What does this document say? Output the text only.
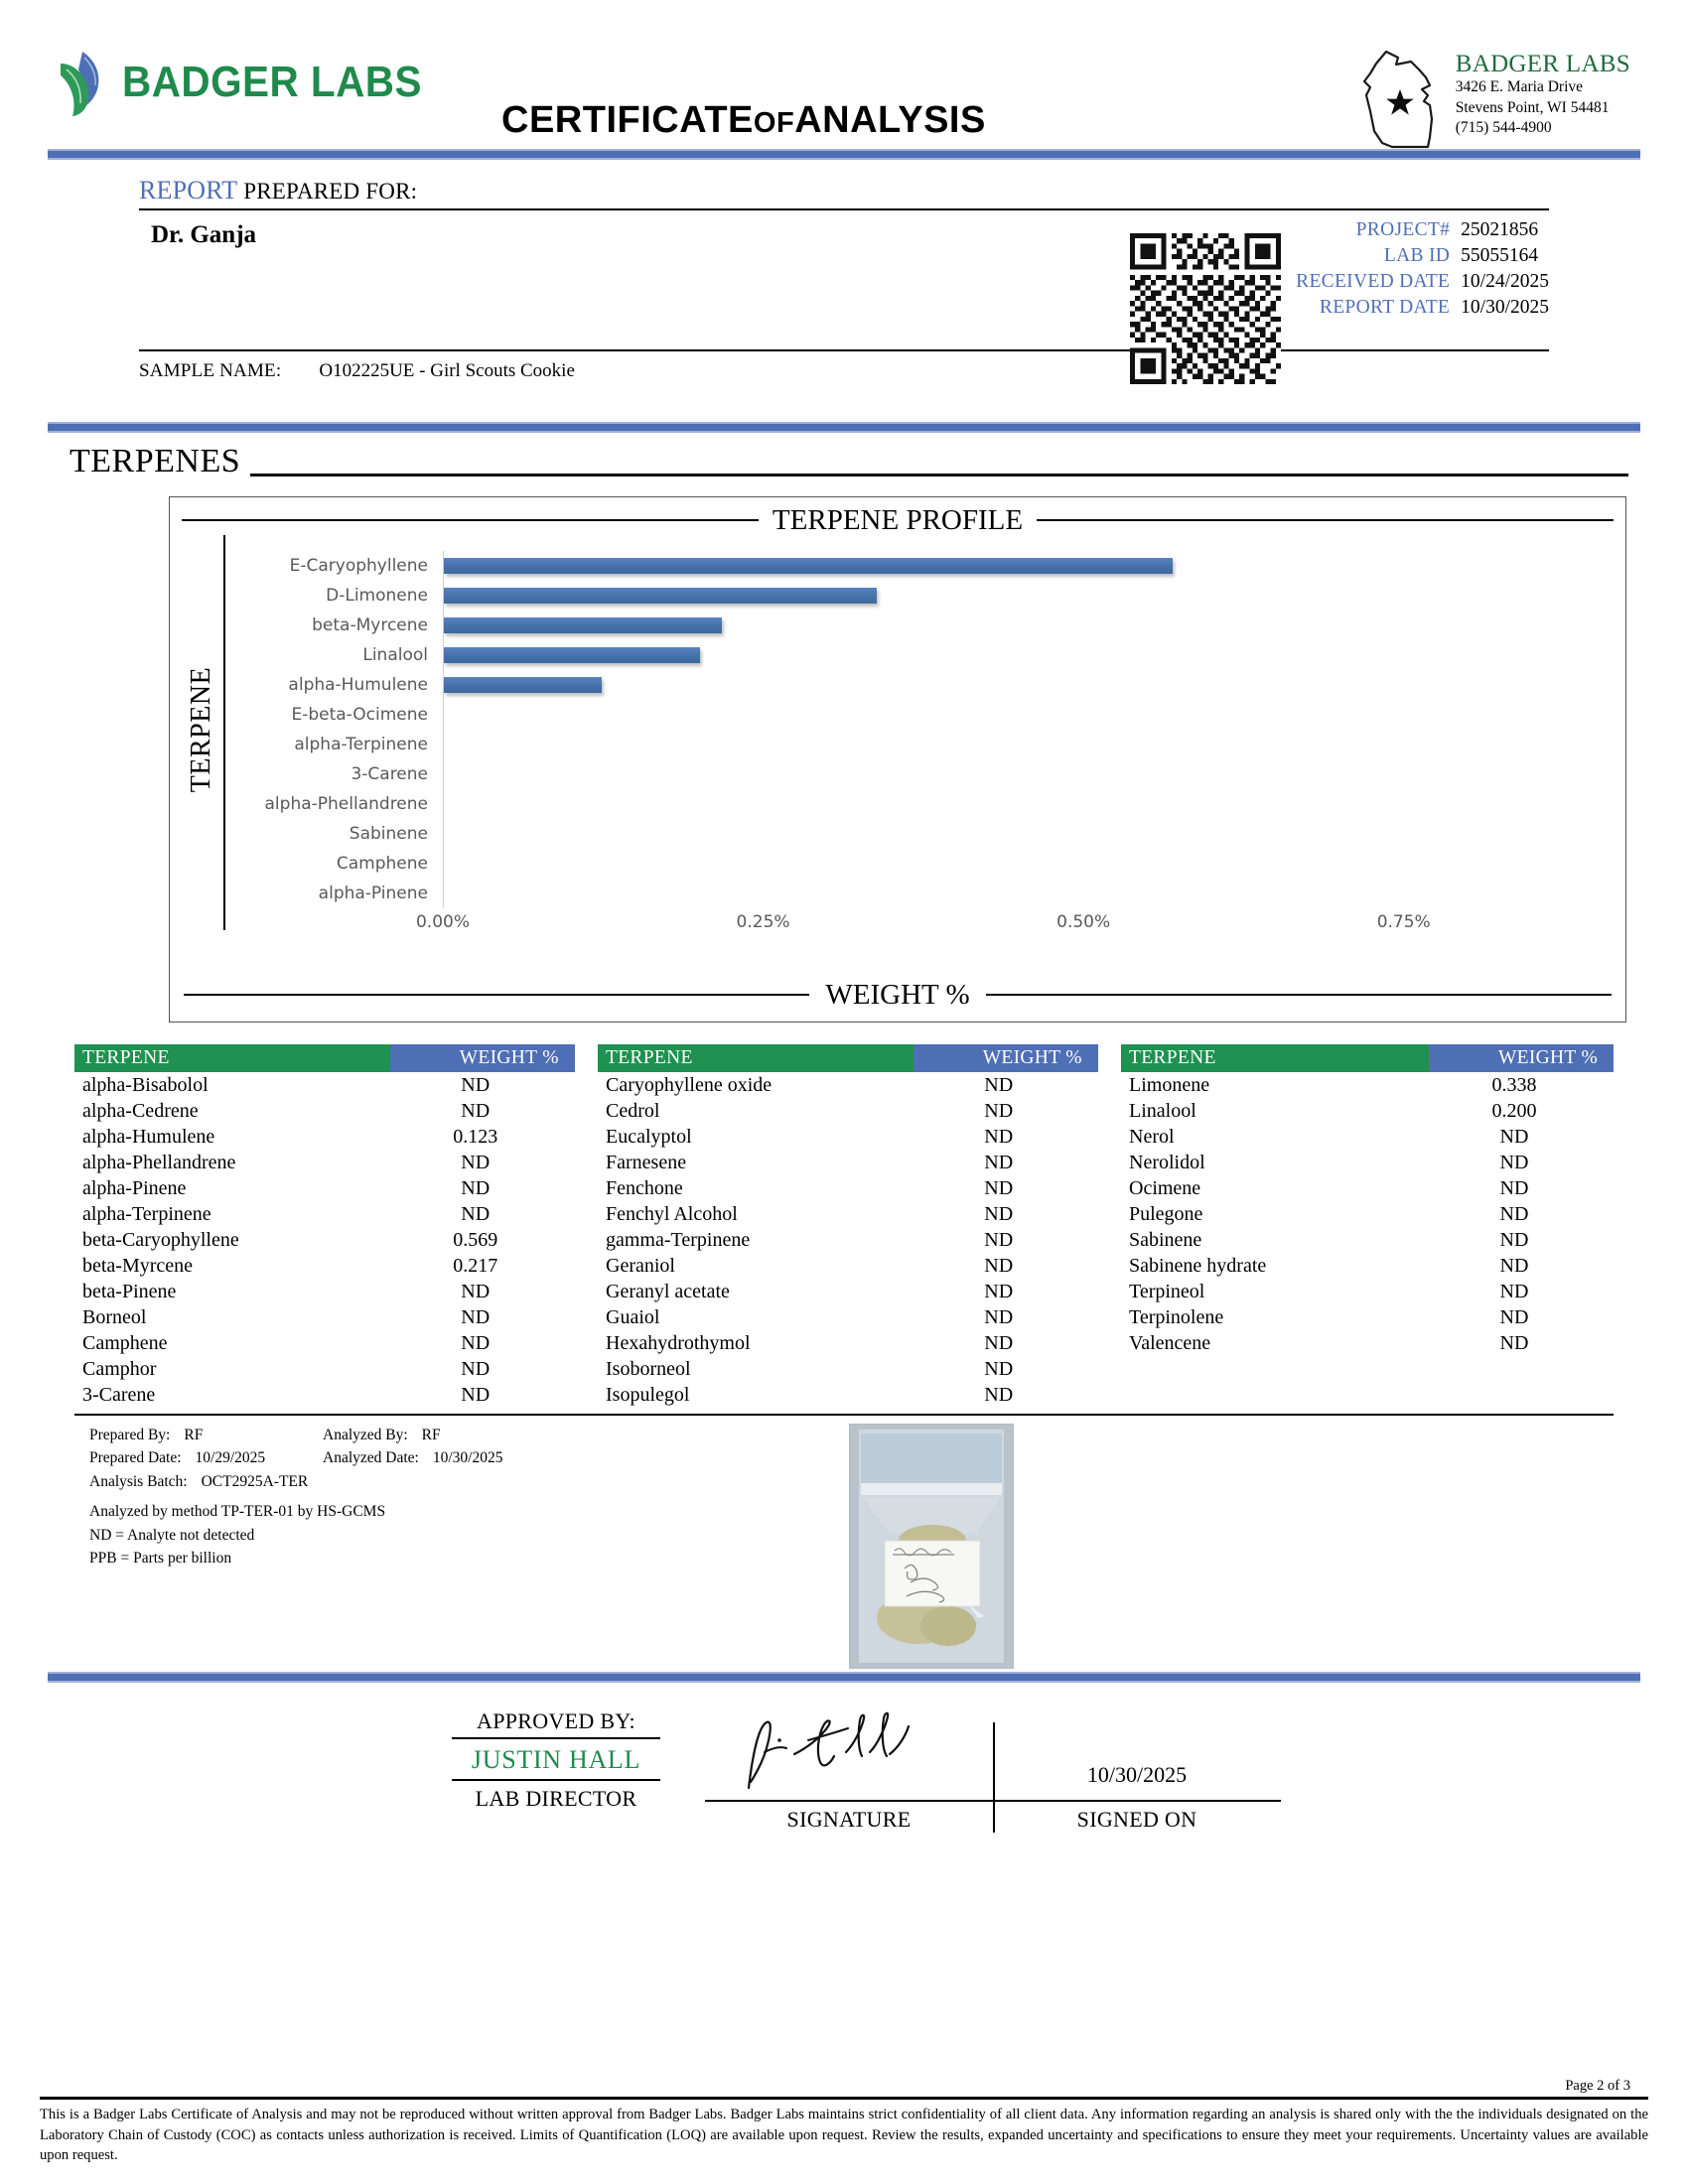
BADGER LABS
CERTIFICATEOFANALYSIS
BADGER LABS
3426 E. Maria Drive
Stevens Point, WI 54481
(715) 544-4900
REPORT PREPARED FOR:
Dr. Ganja	PROJECT#	25021856
LAB ID	55055164
RECEIVED DATE	10/24/2025
REPORT DATE	10/30/2025
SAMPLE NAME: O102225UE - Girl Scouts Cookie
TERPENES
TERPENE PROFILE
TERPENE
E-Caryophyllene
D-Limonene
beta-Myrcene
Linalool
alpha-Humulene
E-beta-Ocimene
alpha-Terpinene
3-Carene
alpha-Phellandrene
Sabinene
Camphene
alpha-Pinene
0.00%	0.25%	0.50%	0.75%
WEIGHT %
TERPENE	WEIGHT %		TERPENE	WEIGHT %		TERPENE	WEIGHT %
alpha-Bisabolol	ND		Caryophyllene oxide	ND		Limonene	0.338
alpha-Cedrene	ND		Cedrol	ND		Linalool	0.200
alpha-Humulene	0.123		Eucalyptol	ND		Nerol	ND
alpha-Phellandrene	ND		Farnesene	ND		Nerolidol	ND
alpha-Pinene	ND		Fenchone	ND		Ocimene	ND
alpha-Terpinene	ND		Fenchyl Alcohol	ND		Pulegone	ND
beta-Caryophyllene	0.569		gamma-Terpinene	ND		Sabinene	ND
beta-Myrcene	0.217		Geraniol	ND		Sabinene hydrate	ND
beta-Pinene	ND		Geranyl acetate	ND		Terpineol	ND
Borneol	ND		Guaiol	ND		Terpinolene	ND
Camphene	ND		Hexahydrothymol	ND		Valencene	ND
Camphor	ND		Isoborneol	ND			
3-Carene	ND		Isopulegol	ND			
Prepared By: RF	Analyzed By: RF
Prepared Date: 10/29/2025	Analyzed Date: 10/30/2025
Analysis Batch: OCT2925A-TER
Analyzed by method TP-TER-01 by HS-GCMS
ND = Analyte not detected
PPB = Parts per billion
APPROVED BY:
JUSTIN HALL
LAB DIRECTOR
SIGNATURE
10/30/2025
SIGNED ON
Page 2 of 3
This is a Badger Labs Certificate of Analysis and may not be reproduced without written approval from Badger Labs. Badger Labs maintains strict confidentiality of all client data. Any information regarding an analysis is shared only with the the individuals designated on the Laboratory Chain of Custody (COC) as contacts unless authorization is received. Limits of Quantification (LOQ) are available upon request. Review the results, expanded uncertainty and specifications to ensure they meet your requirements. Uncertainty values are available upon request.
